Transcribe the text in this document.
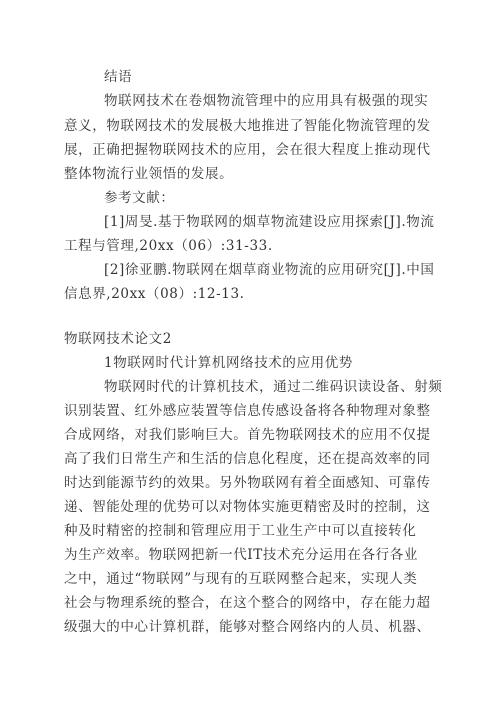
结语
物联网技术在卷烟物流管理中的应用具有极强的现实
意义，物联网技术的发展极大地推进了智能化物流管理的发
展，正确把握物联网技术的应用，会在很大程度上推动现代
整体物流行业领悟的发展。
参考文献：
[1]周旻.基于物联网的烟草物流建设应用探索[J].物流
工程与管理,20xx（06）:31-33.
[2]徐亚鹏.物联网在烟草商业物流的应用研究[J].中国
信息界,20xx（08）:12-13.
物联网技术论文2
1物联网时代计算机网络技术的应用优势
物联网时代的计算机技术，通过二维码识读设备、射频
识别装置、红外感应装置等信息传感设备将各种物理对象整
合成网络，对我们影响巨大。首先物联网技术的应用不仅提
高了我们日常生产和生活的信息化程度，还在提高效率的同
时达到能源节约的效果。另外物联网有着全面感知、可靠传
递、智能处理的优势可以对物体实施更精密及时的控制，这
种及时精密的控制和管理应用于工业生产中可以直接转化
为生产效率。物联网把新一代IT技术充分运用在各行各业
之中，通过“物联网”与现有的互联网整合起来，实现人类
社会与物理系统的整合，在这个整合的网络中，存在能力超
级强大的中心计算机群，能够对整合网络内的人员、机器、
